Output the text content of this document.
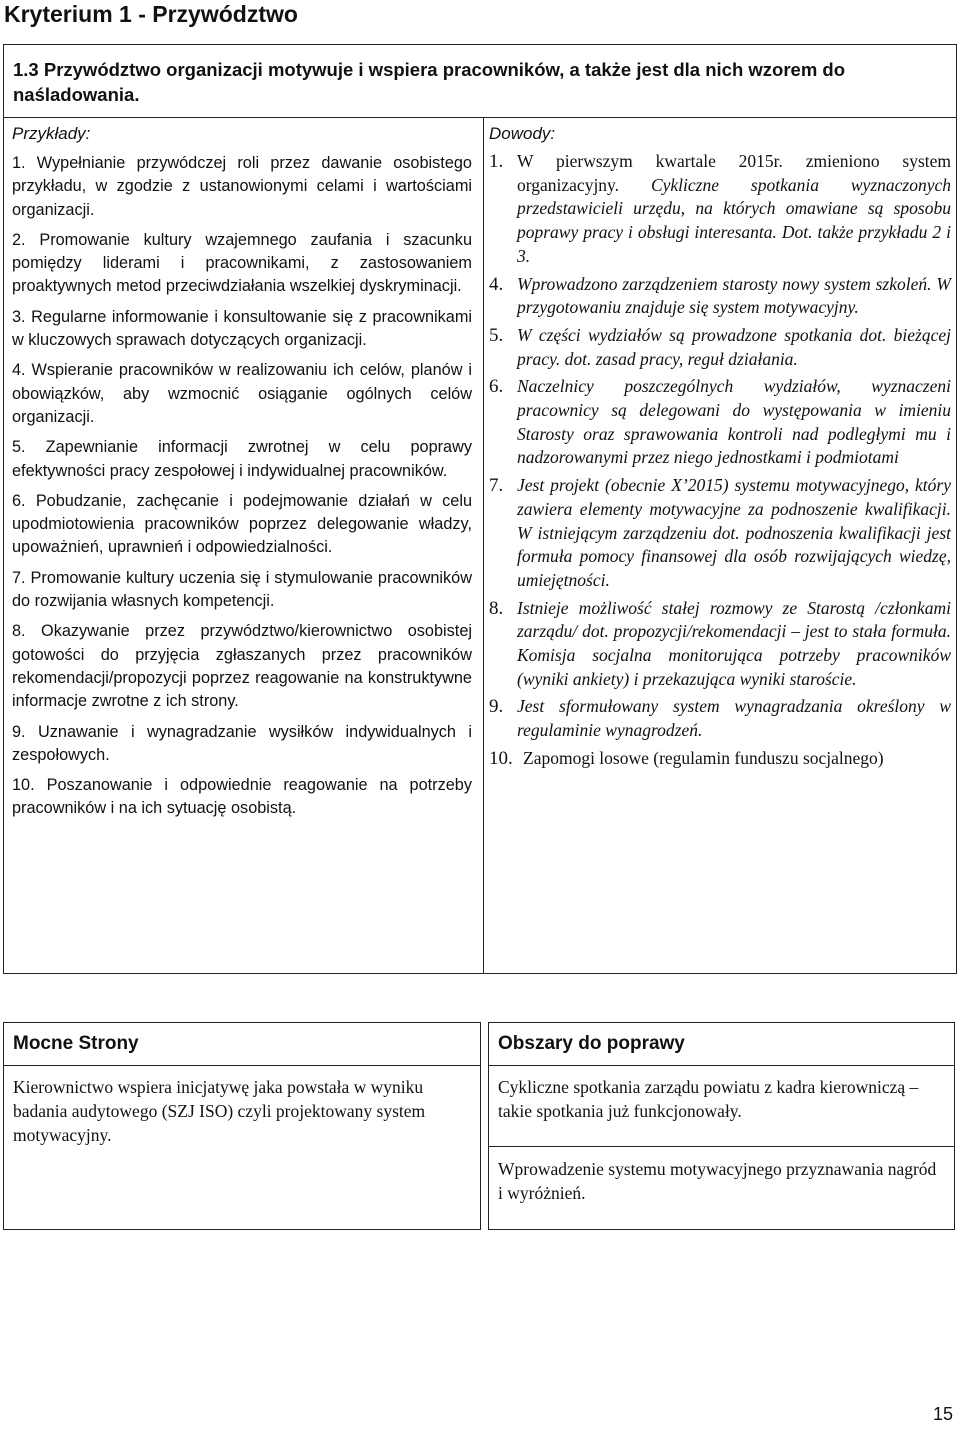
Kryterium 1 - Przywództwo
1.3 Przywództwo organizacji motywuje i wspiera pracowników, a także jest dla nich wzorem do naśladowania.
Przykłady:

1. Wypełnianie przywódczej roli przez dawanie osobistego przykładu, w zgodzie z ustanowionymi celami i wartościami organizacji.

2. Promowanie kultury wzajemnego zaufania i szacunku pomiędzy liderami i pracownikami, z zastosowaniem proaktywnych metod przeciwdziałania wszelkiej dyskryminacji.

3. Regularne informowanie i konsultowanie się z pracownikami w kluczowych sprawach dotyczących organizacji.

4. Wspieranie pracowników w realizowaniu ich celów, planów i obowiązków, aby wzmocnić osiąganie ogólnych celów organizacji.

5. Zapewnianie informacji zwrotnej w celu poprawy efektywności pracy zespołowej i indywidualnej pracowników.

6. Pobudzanie, zachęcanie i podejmowanie działań w celu upodmiotowienia pracowników poprzez delegowanie władzy, upoważnień, uprawnień i odpowiedzialności.

7. Promowanie kultury uczenia się i stymulowanie pracowników do rozwijania własnych kompetencji.

8. Okazywanie przez przywództwo/kierownictwo osobistej gotowości do przyjęcia zgłaszanych przez pracowników rekomendacji/propozycji poprzez reagowanie na konstruktywne informacje zwrotne z ich strony.

9. Uznawanie i wynagradzanie wysiłków indywidualnych i zespołowych.

10. Poszanowanie i odpowiednie reagowanie na potrzeby pracowników i na ich sytuację osobistą.

Dowody:
1. W pierwszym kwartale 2015r. zmieniono system organizacyjny. Cykliczne spotkania wyznaczonych przedstawicieli urzędu, na których omawiane są sposobu poprawy pracy i obsługi interesanta. Dot. także przykładu 2 i 3.
4. Wprowadzono zarządzeniem starosty nowy system szkoleń. W przygotowaniu znajduje się system motywacyjny.
5. W części wydziałów są prowadzone spotkania dot. bieżącej pracy. dot. zasad pracy, reguł działania.
6. Naczelnicy poszczególnych wydziałów, wyznaczeni pracownicy są delegowani do występowania w imieniu Starosty oraz sprawowania kontroli nad podległymi mu i nadzorowanymi przez niego jednostkami i podmiotami
7. Jest projekt (obecnie X’2015) systemu motywacyjnego, który zawiera elementy motywacyjne za podnoszenie kwalifikacji. W istniejącym zarządzeniu dot. podnoszenia kwalifikacji jest formuła pomocy finansowej dla osób rozwijających wiedzę, umiejętności.
8. Istnieje możliwość stałej rozmowy ze Starostą /członkami zarządu/ dot. propozycji/rekomendacji – jest to stała formuła. Komisja socjalna monitorująca potrzeby pracowników (wyniki ankiety) i przekazująca wyniki staroście.
9. Jest sformułowany system wynagradzania określony w regulaminie wynagrodzeń.
10. Zapomogi losowe (regulamin funduszu socjalnego)
Mocne Strony
Kierownictwo wspiera inicjatywę jaka powstała w wyniku badania audytowego (SZJ ISO) czyli projektowany system motywacyjny.
Obszary do poprawy
Cykliczne spotkania zarządu powiatu z kadra kierowniczą – takie spotkania już funkcjonowały.
Wprowadzenie systemu motywacyjnego przyznawania nagród i wyróżnień.
15
